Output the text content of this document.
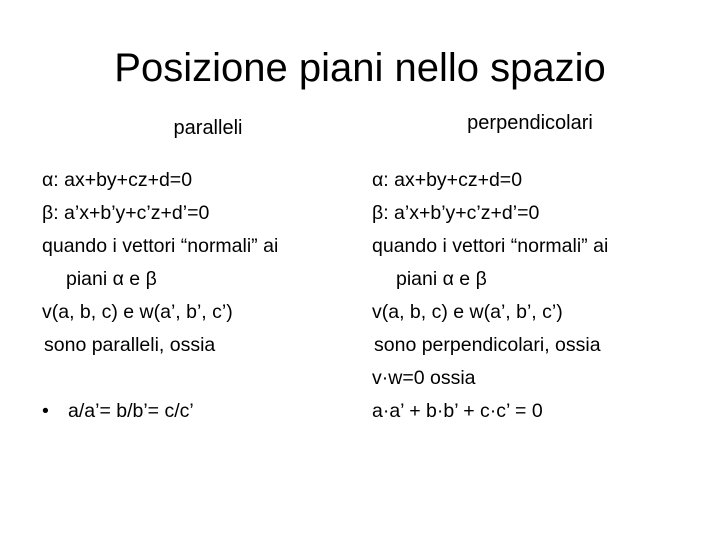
Posizione piani nello spazio
paralleli	perpendicolari
α: ax+by+cz+d=0
β: a’x+b’y+c’z+d’=0
quando i vettori “normali” ai
piani α e β
v(a, b, c) e w(a’, b’, c’)
sono paralleli, ossia
• a/a’= b/b’= c/c’
α: ax+by+cz+d=0
β: a’x+b’y+c’z+d’=0
quando i vettori “normali” ai
piani α e β
v(a, b, c) e w(a’, b’, c’)
sono perpendicolari, ossia
v·w=0 ossia
a·a’ + b·b’ + c·c’ = 0
